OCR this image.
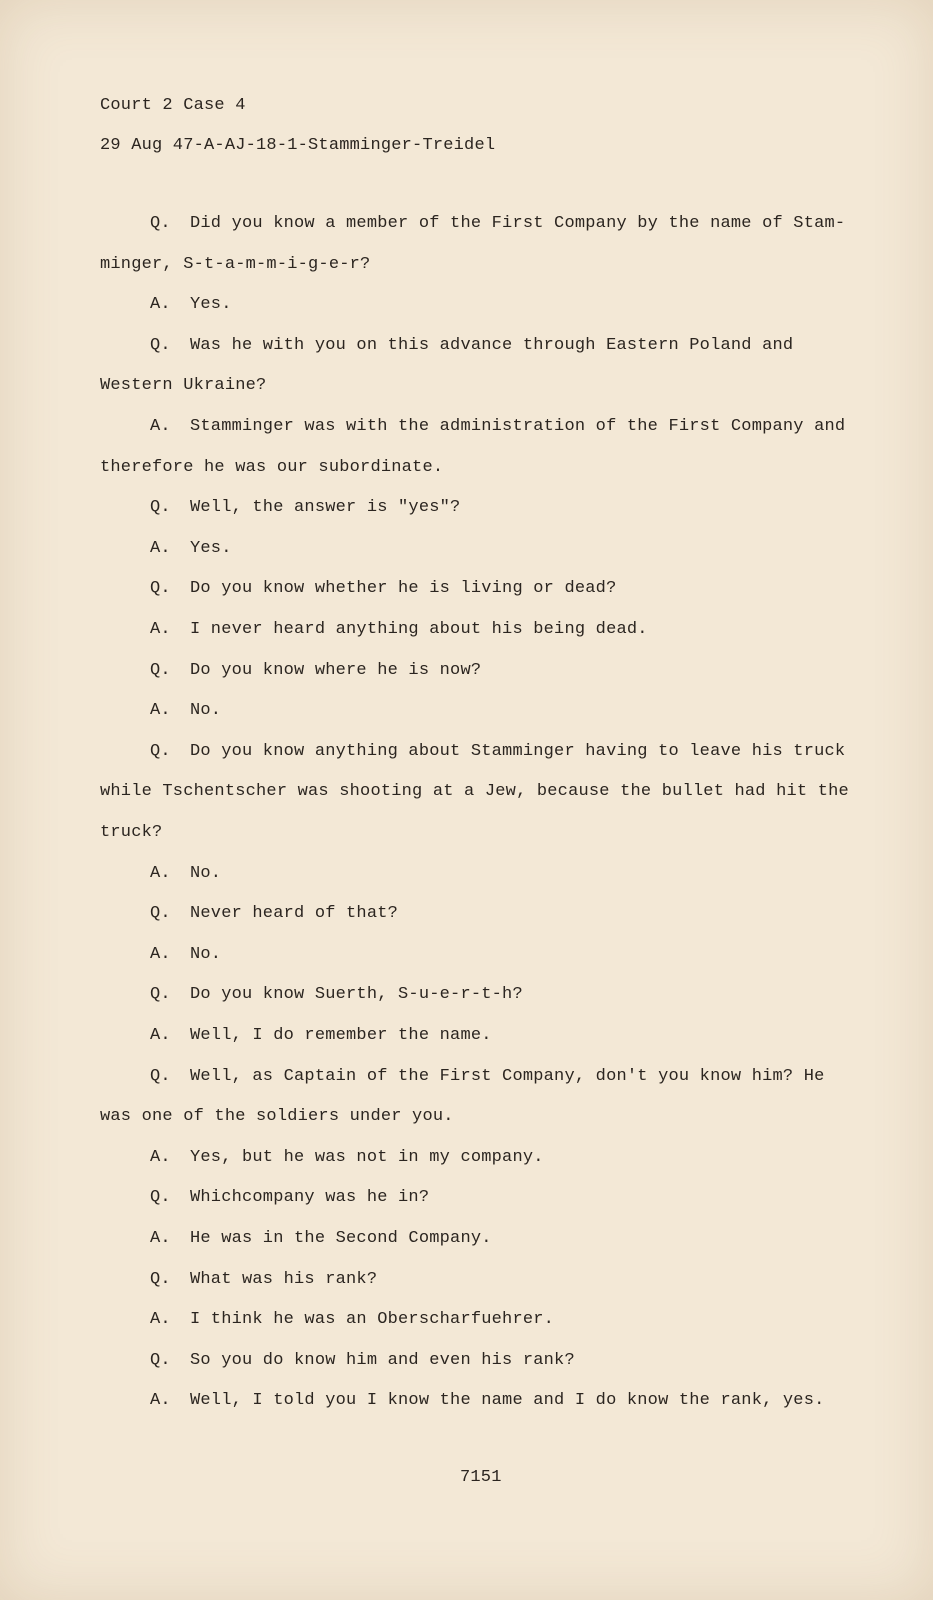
Court 2 Case 4
29 Aug 47-A-AJ-18-1-Stamminger-Treidel
Q. Did you know a member of the First Company by the name of Stam-
minger, S-t-a-m-m-i-g-e-r?
A. Yes.
Q. Was he with you on this advance through Eastern Poland and
Western Ukraine?
A. Stamminger was with the administration of the First Company and
therefore he was our subordinate.
Q. Well, the answer is "yes"?
A. Yes.
Q. Do you know whether he is living or dead?
A. I never heard anything about his being dead.
Q. Do you know where he is now?
A. No.
Q. Do you know anything about Stamminger having to leave his truck
while Tschentscher was shooting at a Jew, because the bullet had hit the
truck?
A. No.
Q. Never heard of that?
A. No.
Q. Do you know Suerth, S-u-e-r-t-h?
A. Well, I do remember the name.
Q. Well, as Captain of the First Company, don't you know him? He
was one of the soldiers under you.
A. Yes, but he was not in my company.
Q. Whichcompany was he in?
A. He was in the Second Company.
Q. What was his rank?
A. I think he was an Oberscharfuehrer.
Q. So you do know him and even his rank?
A. Well, I told you I know the name and I do know the rank, yes.
7151
